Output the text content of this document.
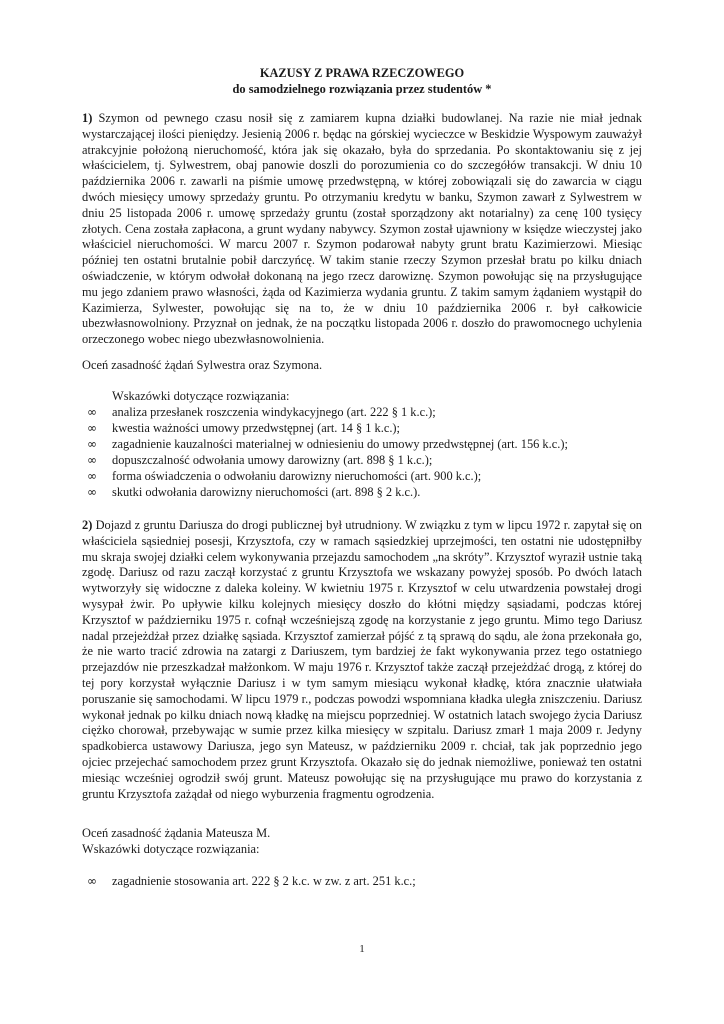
KAZUSY Z PRAWA RZECZOWEGO
do samodzielnego rozwiązania przez studentów *

1) Szymon od pewnego czasu nosił się z zamiarem kupna działki budowlanej. Na razie nie miał jednak wystarczającej ilości pieniędzy. Jesienią 2006 r. będąc na górskiej wycieczce w Beskidzie Wyspowym zauważył atrakcyjnie położoną nieruchomość, która jak się okazało, była do sprzedania. Po skontaktowaniu się z jej właścicielem, tj. Sylwestrem, obaj panowie doszli do porozumienia co do szczegółów transakcji. W dniu 10 października 2006 r. zawarli na piśmie umowę przedwstępną, w której zobowiązali się do zawarcia w ciągu dwóch miesięcy umowy sprzedaży gruntu. Po otrzymaniu kredytu w banku, Szymon zawarł z Sylwestrem w dniu 25 listopada 2006 r. umowę sprzedaży gruntu (został sporządzony akt notarialny) za cenę 100 tysięcy złotych. Cena została zapłacona, a grunt wydany nabywcy. Szymon został ujawniony w księdze wieczystej jako właściciel nieruchomości. W marcu 2007 r. Szymon podarował nabyty grunt bratu Kazimierzowi. Miesiąc później ten ostatni brutalnie pobił darczyńcę. W takim stanie rzeczy Szymon przesłał bratu po kilku dniach oświadczenie, w którym odwołał dokonaną na jego rzecz darowiznę. Szymon powołując się na przysługujące mu jego zdaniem prawo własności, żąda od Kazimierza wydania gruntu. Z takim samym żądaniem wystąpił do Kazimierza, Sylwester, powołując się na to, że w dniu 10 października 2006 r. był całkowicie ubezwłasnowolniony. Przyznał on jednak, że na początku listopada 2006 r. doszło do prawomocnego uchylenia orzeczonego wobec niego ubezwłasnowolnienia.

Oceń zasadność żądań Sylwestra oraz Szymona.

Wskazówki dotyczące rozwiązania:
∞ analiza przesłanek roszczenia windykacyjnego (art. 222 § 1 k.c.);
∞ kwestia ważności umowy przedwstępnej (art. 14 § 1 k.c.);
∞ zagadnienie kauzalności materialnej w odniesieniu do umowy przedwstępnej (art. 156 k.c.);
∞ dopuszczalność odwołania umowy darowizny (art. 898 § 1 k.c.);
∞ forma oświadczenia o odwołaniu darowizny nieruchomości (art. 900 k.c.);
∞ skutki odwołania darowizny nieruchomości (art. 898 § 2 k.c.).

2) Dojazd z gruntu Dariusza do drogi publicznej był utrudniony. W związku z tym w lipcu 1972 r. zapytał się on właściciela sąsiedniej posesji, Krzysztofa, czy w ramach sąsiedzkiej uprzejmości, ten ostatni nie udostępniłby mu skraja swojej działki celem wykonywania przejazdu samochodem „na skróty”. Krzysztof wyraził ustnie taką zgodę. Dariusz od razu zaczął korzystać z gruntu Krzysztofa we wskazany powyżej sposób. Po dwóch latach wytworzyły się widoczne z daleka koleiny. W kwietniu 1975 r. Krzysztof w celu utwardzenia powstałej drogi wysypał żwir. Po upływie kilku kolejnych miesięcy doszło do kłótni między sąsiadami, podczas której Krzysztof w październiku 1975 r. cofnął wcześniejszą zgodę na korzystanie z jego gruntu. Mimo tego Dariusz nadal przejeżdżał przez działkę sąsiada. Krzysztof zamierzał pójść z tą sprawą do sądu, ale żona przekonała go, że nie warto tracić zdrowia na zatargi z Dariuszem, tym bardziej że fakt wykonywania przez tego ostatniego przejazdów nie przeszkadzał małżonkom. W maju 1976 r. Krzysztof także zaczął przejeżdżać drogą, z której do tej pory korzystał wyłącznie Dariusz i w tym samym miesiącu wykonał kładkę, która znacznie ułatwiała poruszanie się samochodami. W lipcu 1979 r., podczas powodzi wspomniana kładka uległa zniszczeniu. Dariusz wykonał jednak po kilku dniach nową kładkę na miejscu poprzedniej. W ostatnich latach swojego życia Dariusz ciężko chorował, przebywając w sumie przez kilka miesięcy w szpitalu. Dariusz zmarł 1 maja 2009 r. Jedyny spadkobierca ustawowy Dariusza, jego syn Mateusz, w październiku 2009 r. chciał, tak jak poprzednio jego ojciec przejechać samochodem przez grunt Krzysztofa. Okazało się do jednak niemożliwe, ponieważ ten ostatni miesiąc wcześniej ogrodził swój grunt. Mateusz powołując się na przysługujące mu prawo do korzystania z gruntu Krzysztofa zażądał od niego wyburzenia fragmentu ogrodzenia.

Oceń zasadność żądania Mateusza M.

Wskazówki dotyczące rozwiązania:
∞ zagadnienie stosowania art. 222 § 2 k.c. w zw. z art. 251 k.c.;
1
